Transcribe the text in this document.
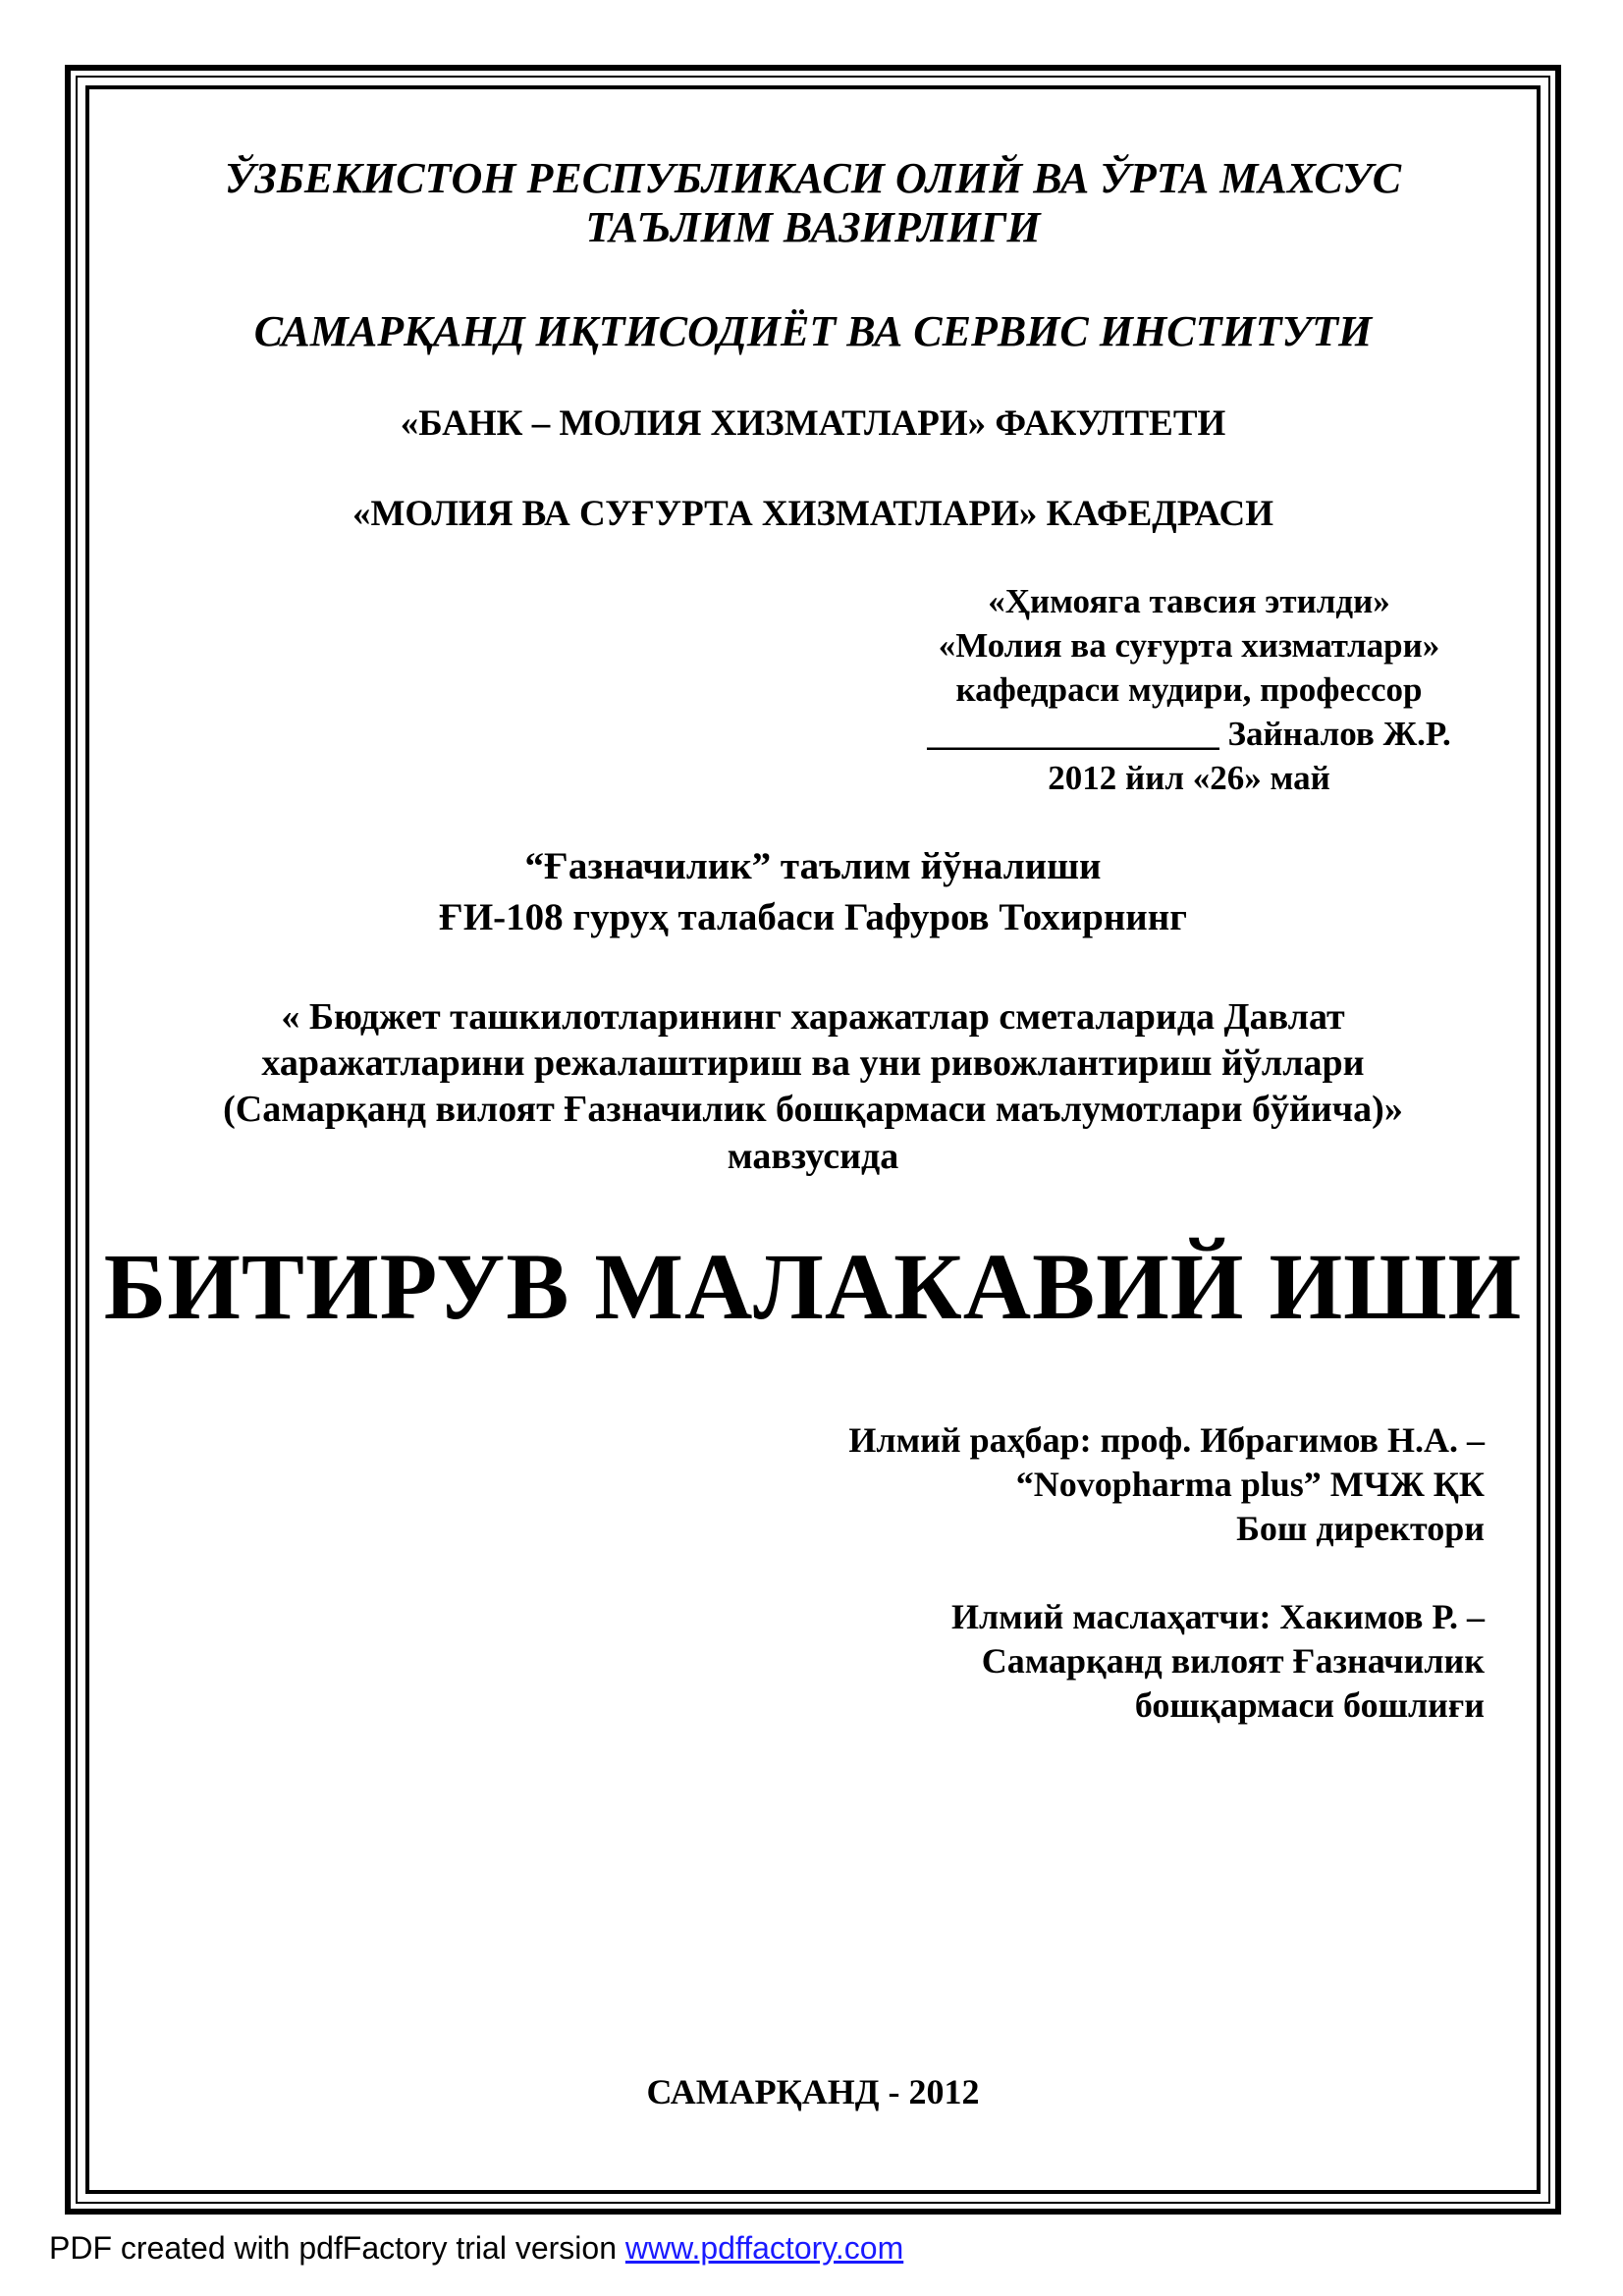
ЎЗБЕКИСТОН РЕСПУБЛИКАСИ ОЛИЙ ВА ЎРТА МАХСУС
ТАЪЛИМ ВАЗИРЛИГИ
САМАРҚАНД ИҚТИСОДИЁТ ВА СЕРВИС ИНСТИТУТИ
«БАНК – МОЛИЯ ХИЗМАТЛАРИ» ФАКУЛТЕТИ
«МОЛИЯ ВА СУҒУРТА ХИЗМАТЛАРИ» КАФЕДРАСИ
«Ҳимояга тавсия этилди»
«Молия ва суғурта хизматлари»
кафедраси мудири, профессор
_________________ Зайналов Ж.Р.
2012 йил «26» май
“Ғазначилик” таълим йўналиши
ҒИ-108 гуруҳ талабаси Гафуров Тохирнинг
« Бюджет ташкилотларининг харажатлар сметаларида Давлат
харажатларини режалаштириш ва уни ривожлантириш йўллари
(Самарқанд вилоят Ғазначилик бошқармаси маълумотлари бўйича)»
мавзусида
БИТИРУВ МАЛАКАВИЙ ИШИ
Илмий раҳбар: проф. Ибрагимов Н.А. –
“Novopharma plus” МЧЖ ҚК
Бош директори
Илмий маслаҳатчи: Хакимов Р. –
Самарқанд вилоят Ғазначилик
бошқармаси бошлиғи
САМАРҚАНД - 2012
PDF created with pdfFactory trial version www.pdffactory.com
